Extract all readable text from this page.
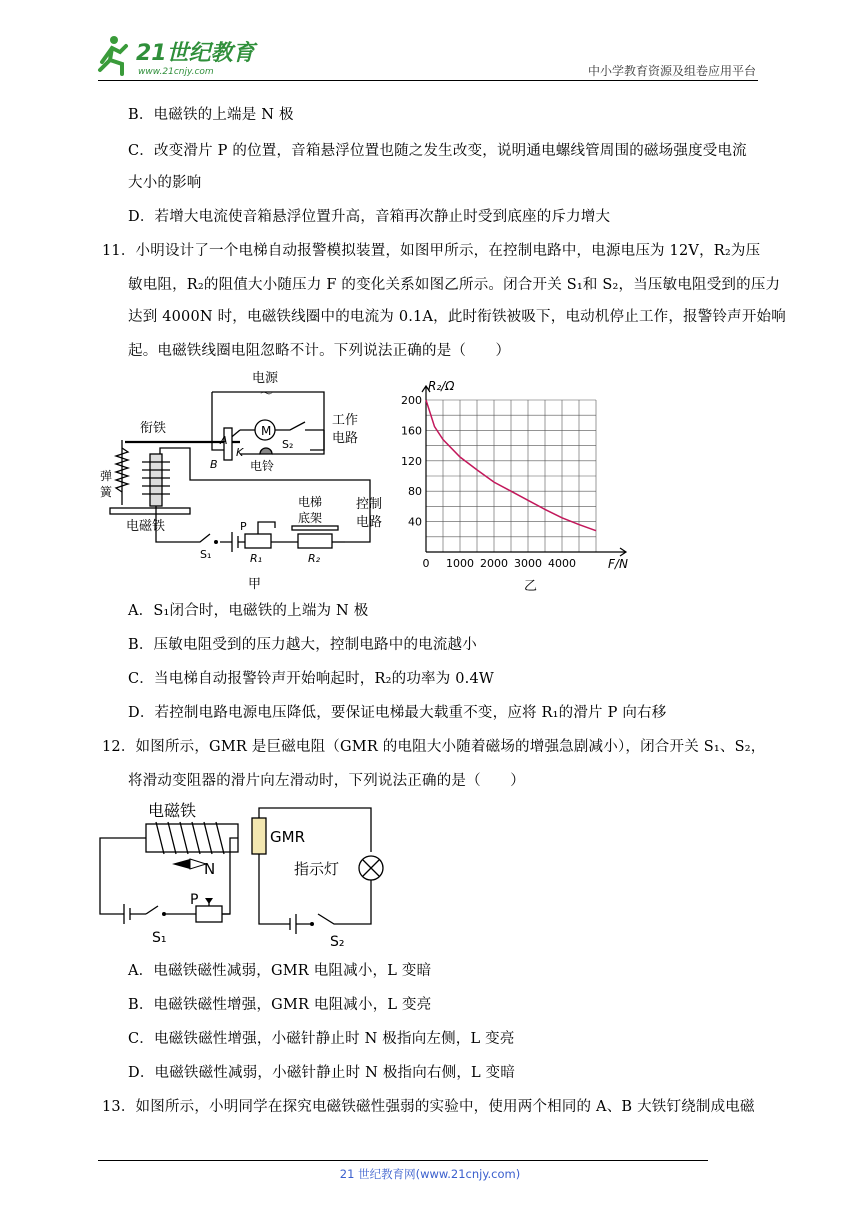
21世纪教育
www.21cnjy.com	中小学教育资源及组卷应用平台
B．电磁铁的上端是 N 极
C．改变滑片 P 的位置，音箱悬浮位置也随之发生改变，说明通电螺线管周围的磁场强度受电流
大小的影响
D．若增大电流使音箱悬浮位置升高，音箱再次静止时受到底座的斥力增大
11．小明设计了一个电梯自动报警模拟装置，如图甲所示，在控制电路中，电源电压为 12V，R₂为压
敏电阻，R₂的阻值大小随压力 F 的变化关系如图乙所示。闭合开关 S₁和 S₂，当压敏电阻受到的压力
达到 4000N 时，电磁铁线圈中的电流为 0.1A，此时衔铁被吸下，电动机停止工作，报警铃声开始响
起。电磁铁线圈电阻忽略不计。下列说法正确的是（　　）
电源
～
M
S₂
工作
电路
衔铁
A
K
B	电铃
弹
簧
电磁铁
S₁
P
R₁	R₂
电梯
底架
控制
电路
甲
0 1000 2000 3000 4000
200
160
120
80
40
R₂/Ω
F/N
乙
A．S₁闭合时，电磁铁的上端为 N 极
B．压敏电阻受到的压力越大，控制电路中的电流越小
C．当电梯自动报警铃声开始响起时，R₂的功率为 0.4W
D．若控制电路电源电压降低，要保证电梯最大载重不变，应将 R₁的滑片 P 向右移
12．如图所示，GMR 是巨磁电阻（GMR 的电阻大小随着磁场的增强急剧减小），闭合开关 S₁、S₂，
将滑动变阻器的滑片向左滑动时，下列说法正确的是（　　）
电磁铁
N
P
S₁
GMR
指示灯
S₂
A．电磁铁磁性减弱，GMR 电阻减小，L 变暗
B．电磁铁磁性增强，GMR 电阻减小，L 变亮
C．电磁铁磁性增强，小磁针静止时 N 极指向左侧，L 变亮
D．电磁铁磁性减弱，小磁针静止时 N 极指向右侧，L 变暗
13．如图所示，小明同学在探究电磁铁磁性强弱的实验中，使用两个相同的 A、B 大铁钉绕制成电磁
21 世纪教育网(www.21cnjy.com)
